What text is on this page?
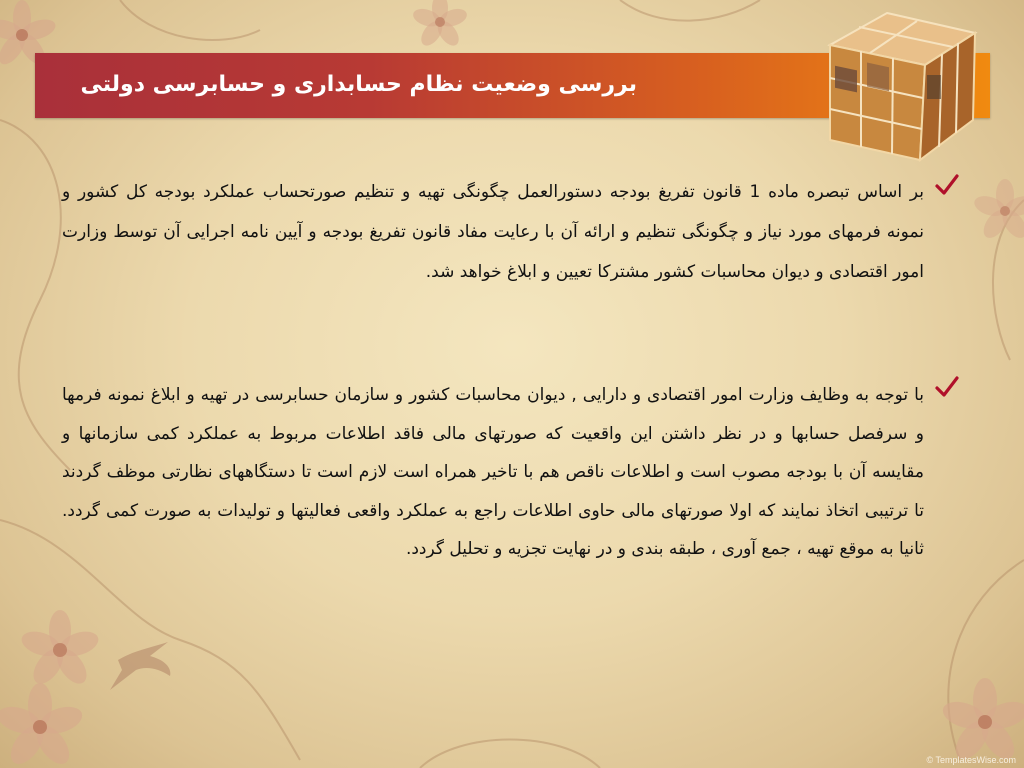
بررسی وضعیت نظام حسابداری و حسابرسی دولتی
بر اساس تبصره ماده 1 قانون تفریغ بودجه دستورالعمل چگونگی تهیه و تنظیم صورتحساب عملکرد بودجه کل کشور و نمونه فرمهای مورد نیاز و چگونگی تنظیم و ارائه آن با رعایت مفاد قانون تفریغ بودجه و آیین نامه اجرایی آن توسط وزارت امور اقتصادی و دیوان محاسبات کشور مشترکا تعیین و ابلاغ خواهد شد.
با توجه به وظایف وزارت امور اقتصادی و دارایی , دیوان محاسبات کشور و سازمان حسابرسی در تهیه و ابلاغ نمونه فرمها و سرفصل حسابها و در نظر داشتن این واقعیت که صورتهای مالی فاقد اطلاعات مربوط به عملکرد کمی سازمانها و مقایسه آن با بودجه مصوب است و اطلاعات ناقص هم با تاخیر همراه است لازم است تا دستگاههای نظارتی موظف گردند تا ترتیبی اتخاذ نمایند که اولا صورتهای مالی حاوی اطلاعات راجع به عملکرد واقعی فعالیتها و تولیدات به صورت کمی گردد. ثانیا به موقع تهیه ، جمع آوری ، طبقه بندی و در نهایت تجزیه و تحلیل گردد.
© TemplatesWise.com
